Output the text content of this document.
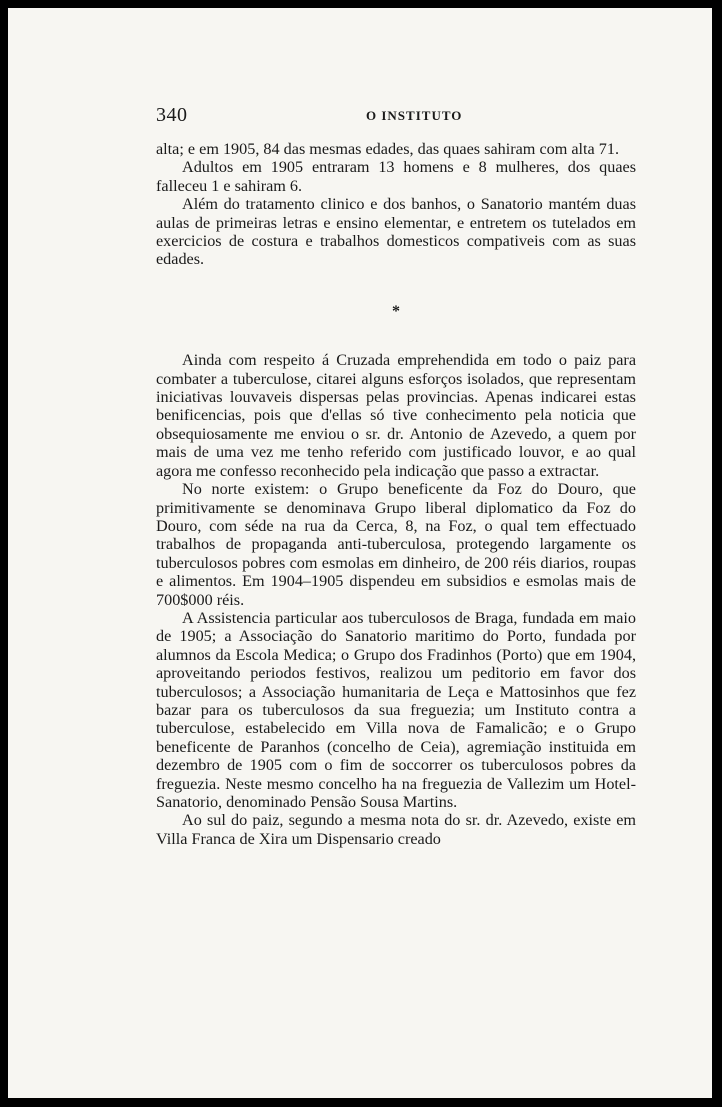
340	O INSTITUTO

alta; e em 1905, 84 das mesmas edades, das quaes sahiram com alta 71.

Adultos em 1905 entraram 13 homens e 8 mulheres, dos quaes falleceu 1 e sahiram 6.

Além do tratamento clinico e dos banhos, o Sanatorio mantém duas aulas de primeiras letras e ensino elementar, e entretem os tutelados em exercicios de costura e trabalhos domesticos compativeis com as suas edades.

*

Ainda com respeito á Cruzada emprehendida em todo o paiz para combater a tuberculose, citarei alguns esforços isolados, que representam iniciativas louvaveis dispersas pelas provincias. Apenas indicarei estas benificencias, pois que d'ellas só tive conhecimento pela noticia que obsequiosamente me enviou o sr. dr. Antonio de Azevedo, a quem por mais de uma vez me tenho referido com justificado louvor, e ao qual agora me confesso reconhecido pela indicação que passo a extractar.

No norte existem: o Grupo beneficente da Foz do Douro, que primitivamente se denominava Grupo liberal diplomatico da Foz do Douro, com séde na rua da Cerca, 8, na Foz, o qual tem effectuado trabalhos de propaganda anti-tuberculosa, protegendo largamente os tuberculosos pobres com esmolas em dinheiro, de 200 réis diarios, roupas e alimentos. Em 1904–1905 dispendeu em subsidios e esmolas mais de 700$000 réis.

A Assistencia particular aos tuberculosos de Braga, fundada em maio de 1905; a Associação do Sanatorio maritimo do Porto, fundada por alumnos da Escola Medica; o Grupo dos Fradinhos (Porto) que em 1904, aproveitando periodos festivos, realizou um peditorio em favor dos tuberculosos; a Associação humanitaria de Leça e Mattosinhos que fez bazar para os tuberculosos da sua freguezia; um Instituto contra a tuberculose, estabelecido em Villa nova de Famalicão; e o Grupo beneficente de Paranhos (concelho de Ceia), agremiação instituida em dezembro de 1905 com o fim de soccorrer os tuberculosos pobres da freguezia. Neste mesmo concelho ha na freguezia de Vallezim um Hotel-Sanatorio, denominado Pensão Sousa Martins.

Ao sul do paiz, segundo a mesma nota do sr. dr. Azevedo, existe em Villa Franca de Xira um Dispensario creado
